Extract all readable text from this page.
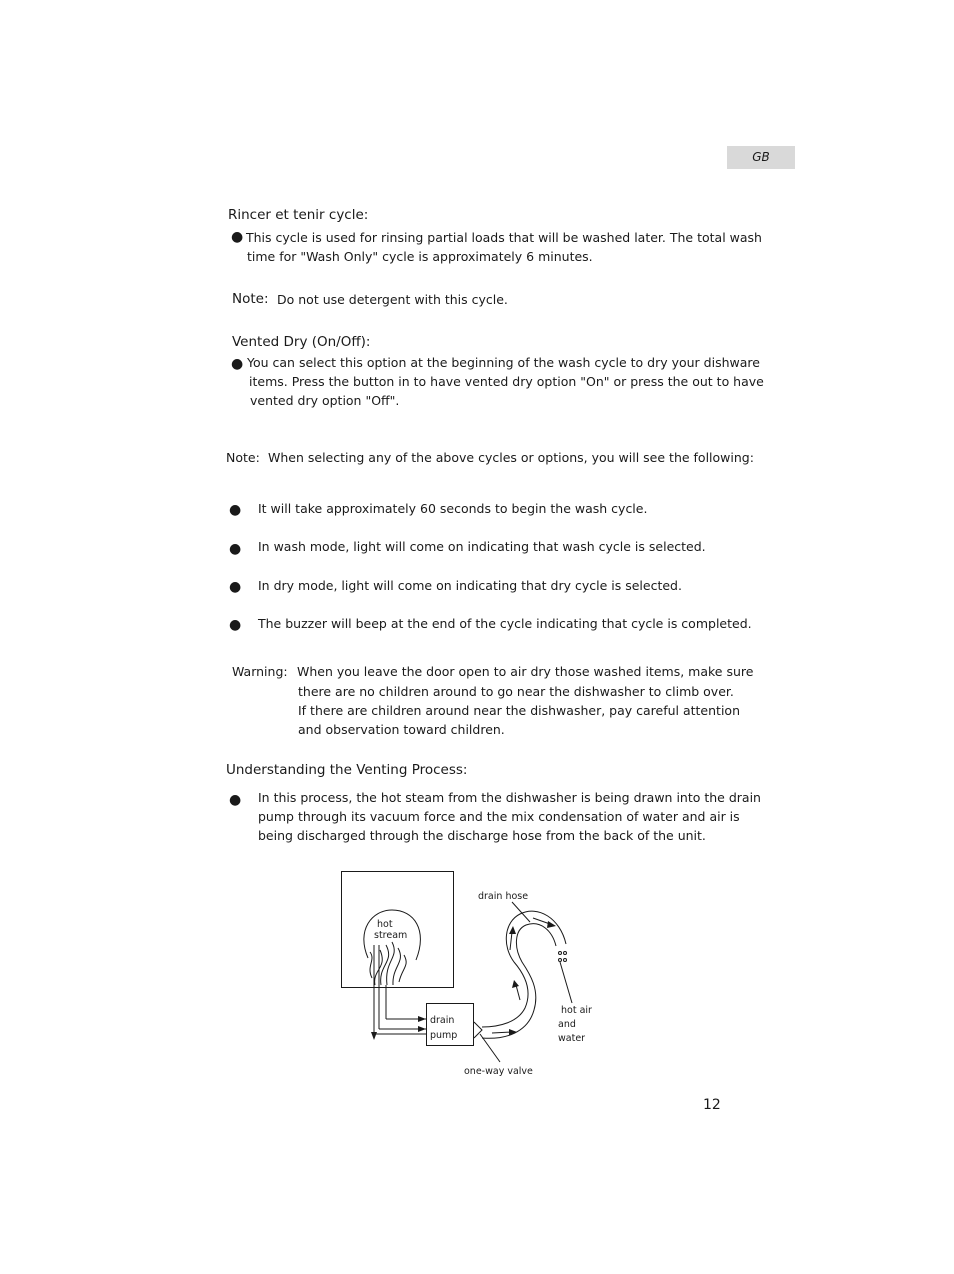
GB
Rincer et tenir cycle:
● This cycle is used for rinsing partial loads that will be washed later. The total wash
time for "Wash Only" cycle is approximately 6 minutes.
Note: Do not use detergent with this cycle.
Vented Dry (On/Off):
● You can select this option at the beginning of the wash cycle to dry your dishware
items. Press the button in to have vented dry option "On" or press the out to have
vented dry option "Off".
Note: When selecting any of the above cycles or options, you will see the following:
● It will take approximately 60 seconds to begin the wash cycle.
● In wash mode, light will come on indicating that wash cycle is selected.
● In dry mode, light will come on indicating that dry cycle is selected.
● The buzzer will beep at the end of the cycle indicating that cycle is completed.
Warning: When you leave the door open to air dry those washed items, make sure
there are no children around to go near the dishwasher to climb over.
If there are children around near the dishwasher, pay careful attention
and observation toward children.
Understanding the Venting Process:
● In this process, the hot steam from the dishwasher is being drawn into the drain
pump through its vacuum force and the mix condensation of water and air is
being discharged through the discharge hose from the back of the unit.
hot
stream
drain hose
drain
pump
hot air
and
water
one-way valve
12
